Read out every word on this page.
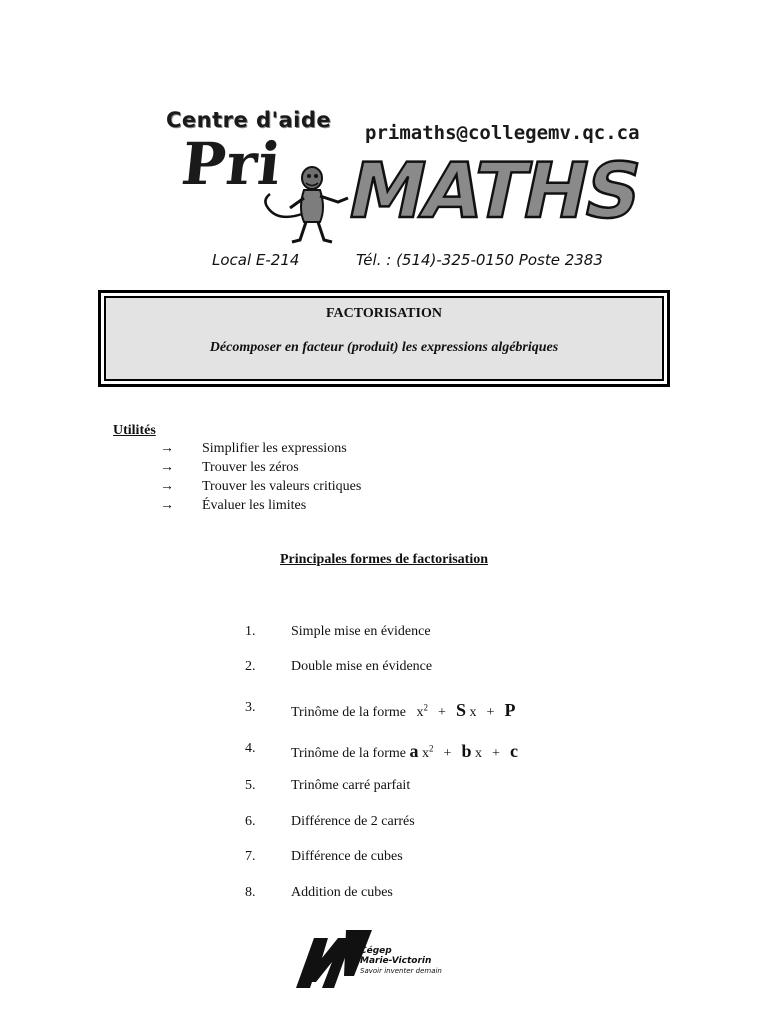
Centre d'aide
Pri	primaths@collegemv.qc.ca
MATHS
Local E-214	Tél. : (514)-325-0150 Poste 2383
FACTORISATION
Décomposer en facteur (produit) les expressions algébriques
Utilités
→	Simplifier les expressions
→	Trouver les zéros
→	Trouver les valeurs critiques
→	Évaluer les limites
Principales formes de factorisation
1.	Simple mise en évidence
2.	Double mise en évidence
3.	Trinôme de la forme $x^2 + S$ x + P
4.	Trinôme de la forme a $x^2 + b$ x + c
5.	Trinôme carré parfait
6.	Différence de 2 carrés
7.	Différence de cubes
8.	Addition de cubes
Cégep
Marie-Victorin
Savoir inventer demain
